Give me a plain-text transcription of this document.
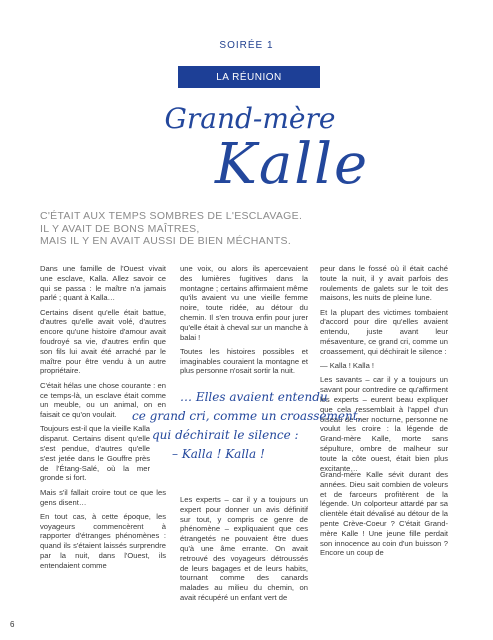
SOIRÉE 1
LA RÉUNION
Grand-mère
Kalle
C'ÉTAIT AUX TEMPS SOMBRES DE L'ESCLAVAGE.
IL Y AVAIT DE BONS MAÎTRES,
MAIS IL Y EN AVAIT AUSSI DE BIEN MÉCHANTS.

Dans une famille de l'Ouest vivait une esclave, Kalla. Allez savoir ce qui se passa : le maître n'a jamais parlé ; quant à Kalla…

Certains disent qu'elle était battue, d'autres qu'elle avait volé, d'autres encore qu'une histoire d'amour avait foudroyé sa vie, d'autres enfin que son fils lui avait été arraché par le maître pour être vendu à un autre propriétaire.

C'était hélas une chose courante : en ce temps-là, un esclave était comme un meuble, ou un animal, on en faisait ce qu'on voulait.

Toujours est-il que la vieille Kalla disparut. Certains disent qu'elle s'est pendue, d'autres qu'elle s'est jetée dans le Gouffre près de l'Étang-Salé, où la mer gronde si fort.

Mais s'il fallait croire tout ce que les gens disent…

En tout cas, à cette époque, les voyageurs commencèrent à rapporter d'étranges phénomènes : quand ils s'étaient laissés surprendre par la nuit, dans l'Ouest, ils entendaient comme

une voix, ou alors ils apercevaient des lumières fugitives dans la montagne ; certains affirmaient même qu'ils avaient vu une vieille femme noire, toute ridée, au détour du chemin. Il s'en trouva enfin pour jurer qu'elle était à cheval sur un manche à balai !

Toutes les histoires possibles et imaginables couraient la montagne et plus personne n'osait sortir la nuit.

Les experts – car il y a toujours un expert pour donner un avis définitif sur tout, y compris ce genre de phénomène – expliquaient que ces étrangetés ne pouvaient être dues qu'à une âme errante. On avait retrouvé des voyageurs détroussés de leurs bagages et de leurs habits, tournant comme des canards malades au milieu du chemin, on avait récupéré un enfant vert de

peur dans le fossé où il était caché toute la nuit, il y avait parfois des roulements de galets sur le toit des maisons, les nuits de pleine lune.

Et la plupart des victimes tombaient d'accord pour dire qu'elles avaient entendu, juste avant leur mésaventure, ce grand cri, comme un croassement, qui déchirait le silence :

— Kalla ! Kalla !

Les savants – car il y a toujours un savant pour contredire ce qu'affirment les experts – eurent beau expliquer que cela ressemblait à l'appel d'un oiseau de mer nocturne, personne ne voulut les croire : la légende de Grand-mère Kalle, morte sans sépulture, ombre de malheur sur toute la côte ouest, était bien plus excitante…

Grand-mère Kalle sévit durant des années. Dieu sait combien de voleurs et de farceurs profitèrent de la légende. Un colporteur attardé par sa clientèle était dévalisé au détour de la pente Crève-Coeur ? C'était Grand-mère Kalle ! Une jeune fille perdait son innocence au coin d'un buisson ? Encore un coup de

… Elles avaient entendu
ce grand cri, comme un croassement,
qui déchirait le silence :
– Kalla ! Kalla !
6
